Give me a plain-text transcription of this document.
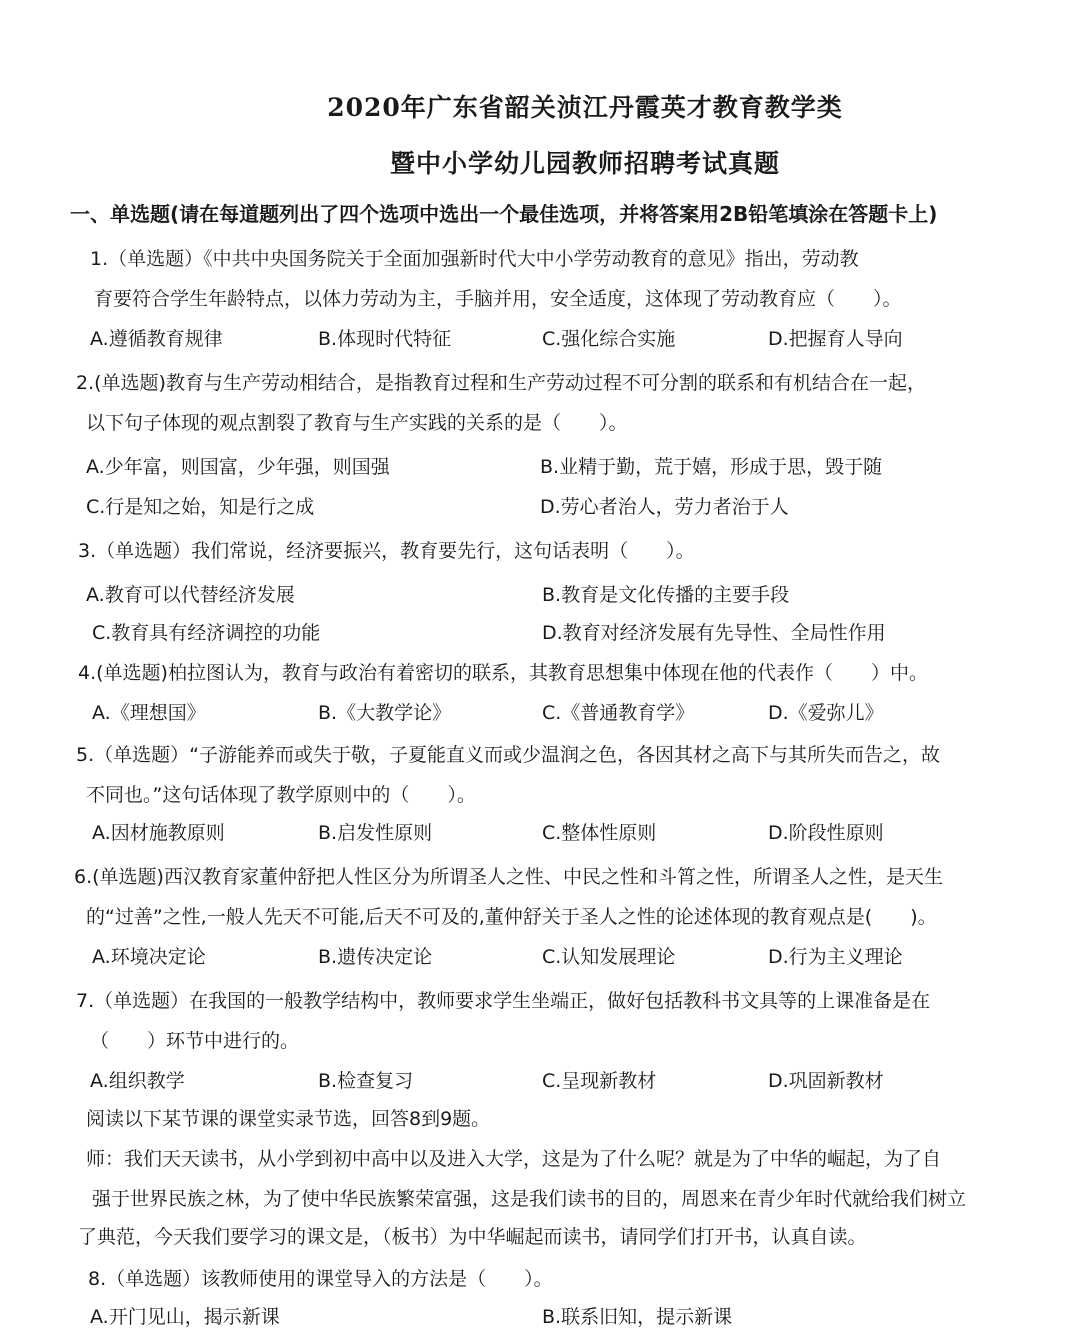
2020年广东省韶关浈江丹霞英才教育教学类
暨中小学幼儿园教师招聘考试真题
一、单选题(请在每道题列出了四个选项中选出一个最佳选项，并将答案用2B铅笔填涂在答题卡上)
1.（单选题）《中共中央国务院关于全面加强新时代大中小学劳动教育的意见》指出，劳动教
育要符合学生年龄特点，以体力劳动为主，手脑并用，安全适度，这体现了劳动教育应（　　）。
A.遵循教育规律	B.体现时代特征	C.强化综合实施	D.把握育人导向
2.(单选题)教育与生产劳动相结合，是指教育过程和生产劳动过程不可分割的联系和有机结合在一起，
以下句子体现的观点割裂了教育与生产实践的关系的是（　　）。
A.少年富，则国富，少年强，则国强	B.业精于勤，荒于嬉，形成于思，毁于随
C.行是知之始，知是行之成	D.劳心者治人，劳力者治于人
3.（单选题）我们常说，经济要振兴，教育要先行，这句话表明（　　）。
A.教育可以代替经济发展	B.教育是文化传播的主要手段
C.教育具有经济调控的功能	D.教育对经济发展有先导性、全局性作用
4.(单选题)柏拉图认为，教育与政治有着密切的联系，其教育思想集中体现在他的代表作（　　）中。
A.《理想国》	B.《大教学论》	C.《普通教育学》	D.《爱弥儿》
5.（单选题）“子游能养而或失于敬，子夏能直义而或少温润之色，各因其材之高下与其所失而告之，故
不同也。”这句话体现了教学原则中的（　　）。
A.因材施教原则	B.启发性原则	C.整体性原则	D.阶段性原则
6.(单选题)西汉教育家董仲舒把人性区分为所谓圣人之性、中民之性和斗筲之性，所谓圣人之性，是天生
的“过善”之性,一般人先天不可能,后天不可及的,董仲舒关于圣人之性的论述体现的教育观点是(　　)。
A.环境决定论	B.遗传决定论	C.认知发展理论	D.行为主义理论
7.（单选题）在我国的一般教学结构中，教师要求学生坐端正，做好包括教科书文具等的上课准备是在
（　　）环节中进行的。
A.组织教学	B.检查复习	C.呈现新教材	D.巩固新教材
阅读以下某节课的课堂实录节选，回答8到9题。
师：我们天天读书，从小学到初中高中以及进入大学，这是为了什么呢？就是为了中华的崛起，为了自
强于世界民族之林，为了使中华民族繁荣富强，这是我们读书的目的，周恩来在青少年时代就给我们树立
了典范，今天我们要学习的课文是，（板书）为中华崛起而读书，请同学们打开书，认真自读。
8.（单选题）该教师使用的课堂导入的方法是（　　）。
A.开门见山，揭示新课	B.联系旧知，提示新课
